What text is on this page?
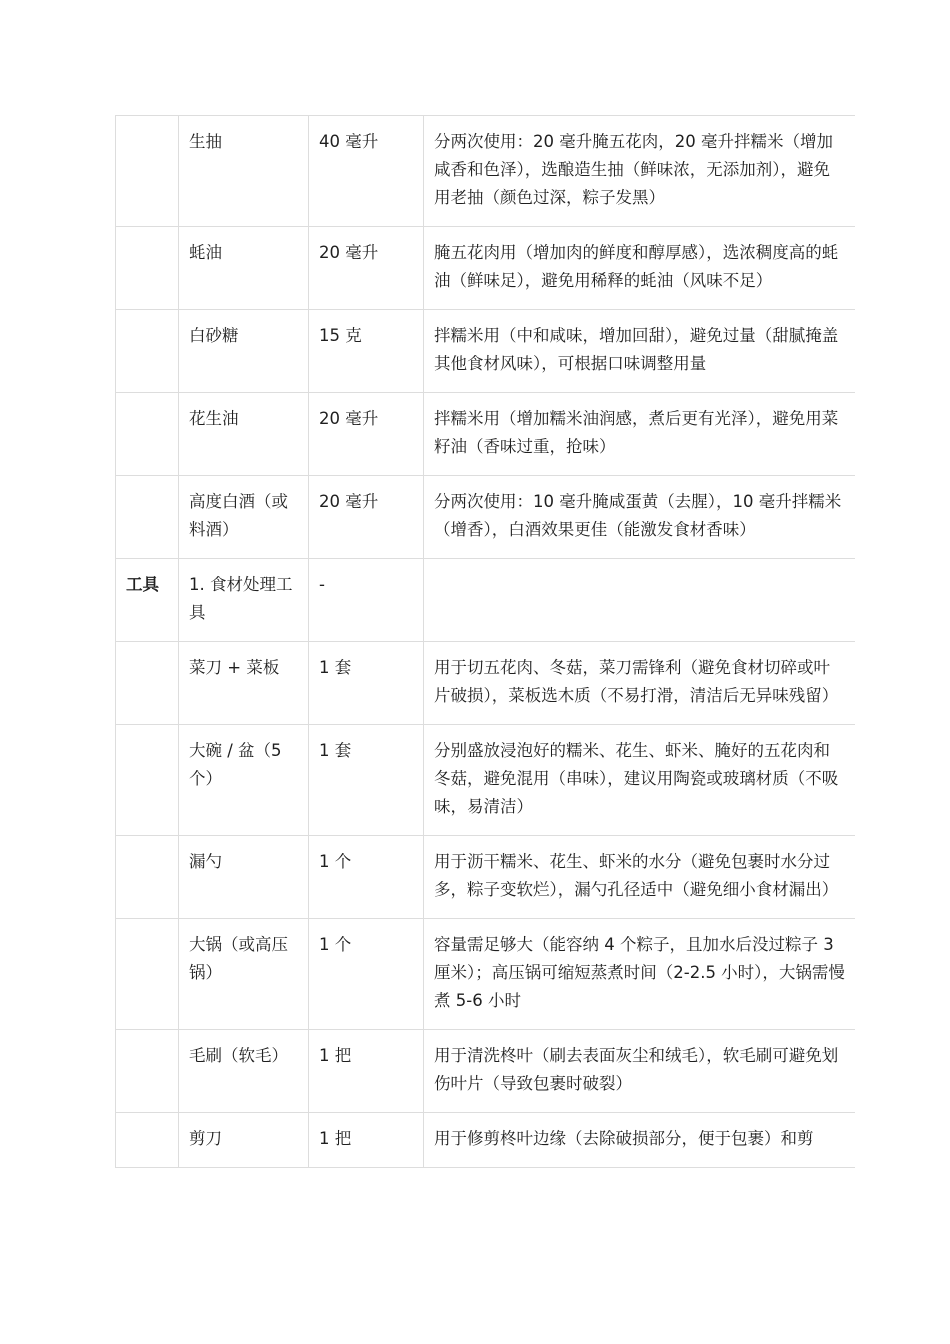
	生抽	40 毫升	分两次使用：20 毫升腌五花肉，20 毫升拌糯米（增加咸香和色泽），选酿造生抽（鲜味浓，无添加剂），避免用老抽（颜色过深，粽子发黑）
	蚝油	20 毫升	腌五花肉用（增加肉的鲜度和醇厚感），选浓稠度高的蚝油（鲜味足），避免用稀释的蚝油（风味不足）
	白砂糖	15 克	拌糯米用（中和咸味，增加回甜），避免过量（甜腻掩盖其他食材风味），可根据口味调整用量
	花生油	20 毫升	拌糯米用（增加糯米油润感，煮后更有光泽），避免用菜籽油（香味过重，抢味）
	高度白酒（或料酒）	20 毫升	分两次使用：10 毫升腌咸蛋黄（去腥），10 毫升拌糯米（增香），白酒效果更佳（能激发食材香味）
工具	1. 食材处理工具	-	
	菜刀 + 菜板	1 套	用于切五花肉、冬菇，菜刀需锋利（避免食材切碎或叶片破损），菜板选木质（不易打滑，清洁后无异味残留）
	大碗 / 盆（5 个）	1 套	分别盛放浸泡好的糯米、花生、虾米、腌好的五花肉和冬菇，避免混用（串味），建议用陶瓷或玻璃材质（不吸味，易清洁）
	漏勺	1 个	用于沥干糯米、花生、虾米的水分（避免包裹时水分过多，粽子变软烂），漏勺孔径适中（避免细小食材漏出）
	大锅（或高压锅）	1 个	容量需足够大（能容纳 4 个粽子，且加水后没过粽子 3 厘米）；高压锅可缩短蒸煮时间（2-2.5 小时），大锅需慢煮 5-6 小时
	毛刷（软毛）	1 把	用于清洗柊叶（刷去表面灰尘和绒毛），软毛刷可避免划伤叶片（导致包裹时破裂）
	剪刀	1 把	用于修剪柊叶边缘（去除破损部分，便于包裹）和剪
